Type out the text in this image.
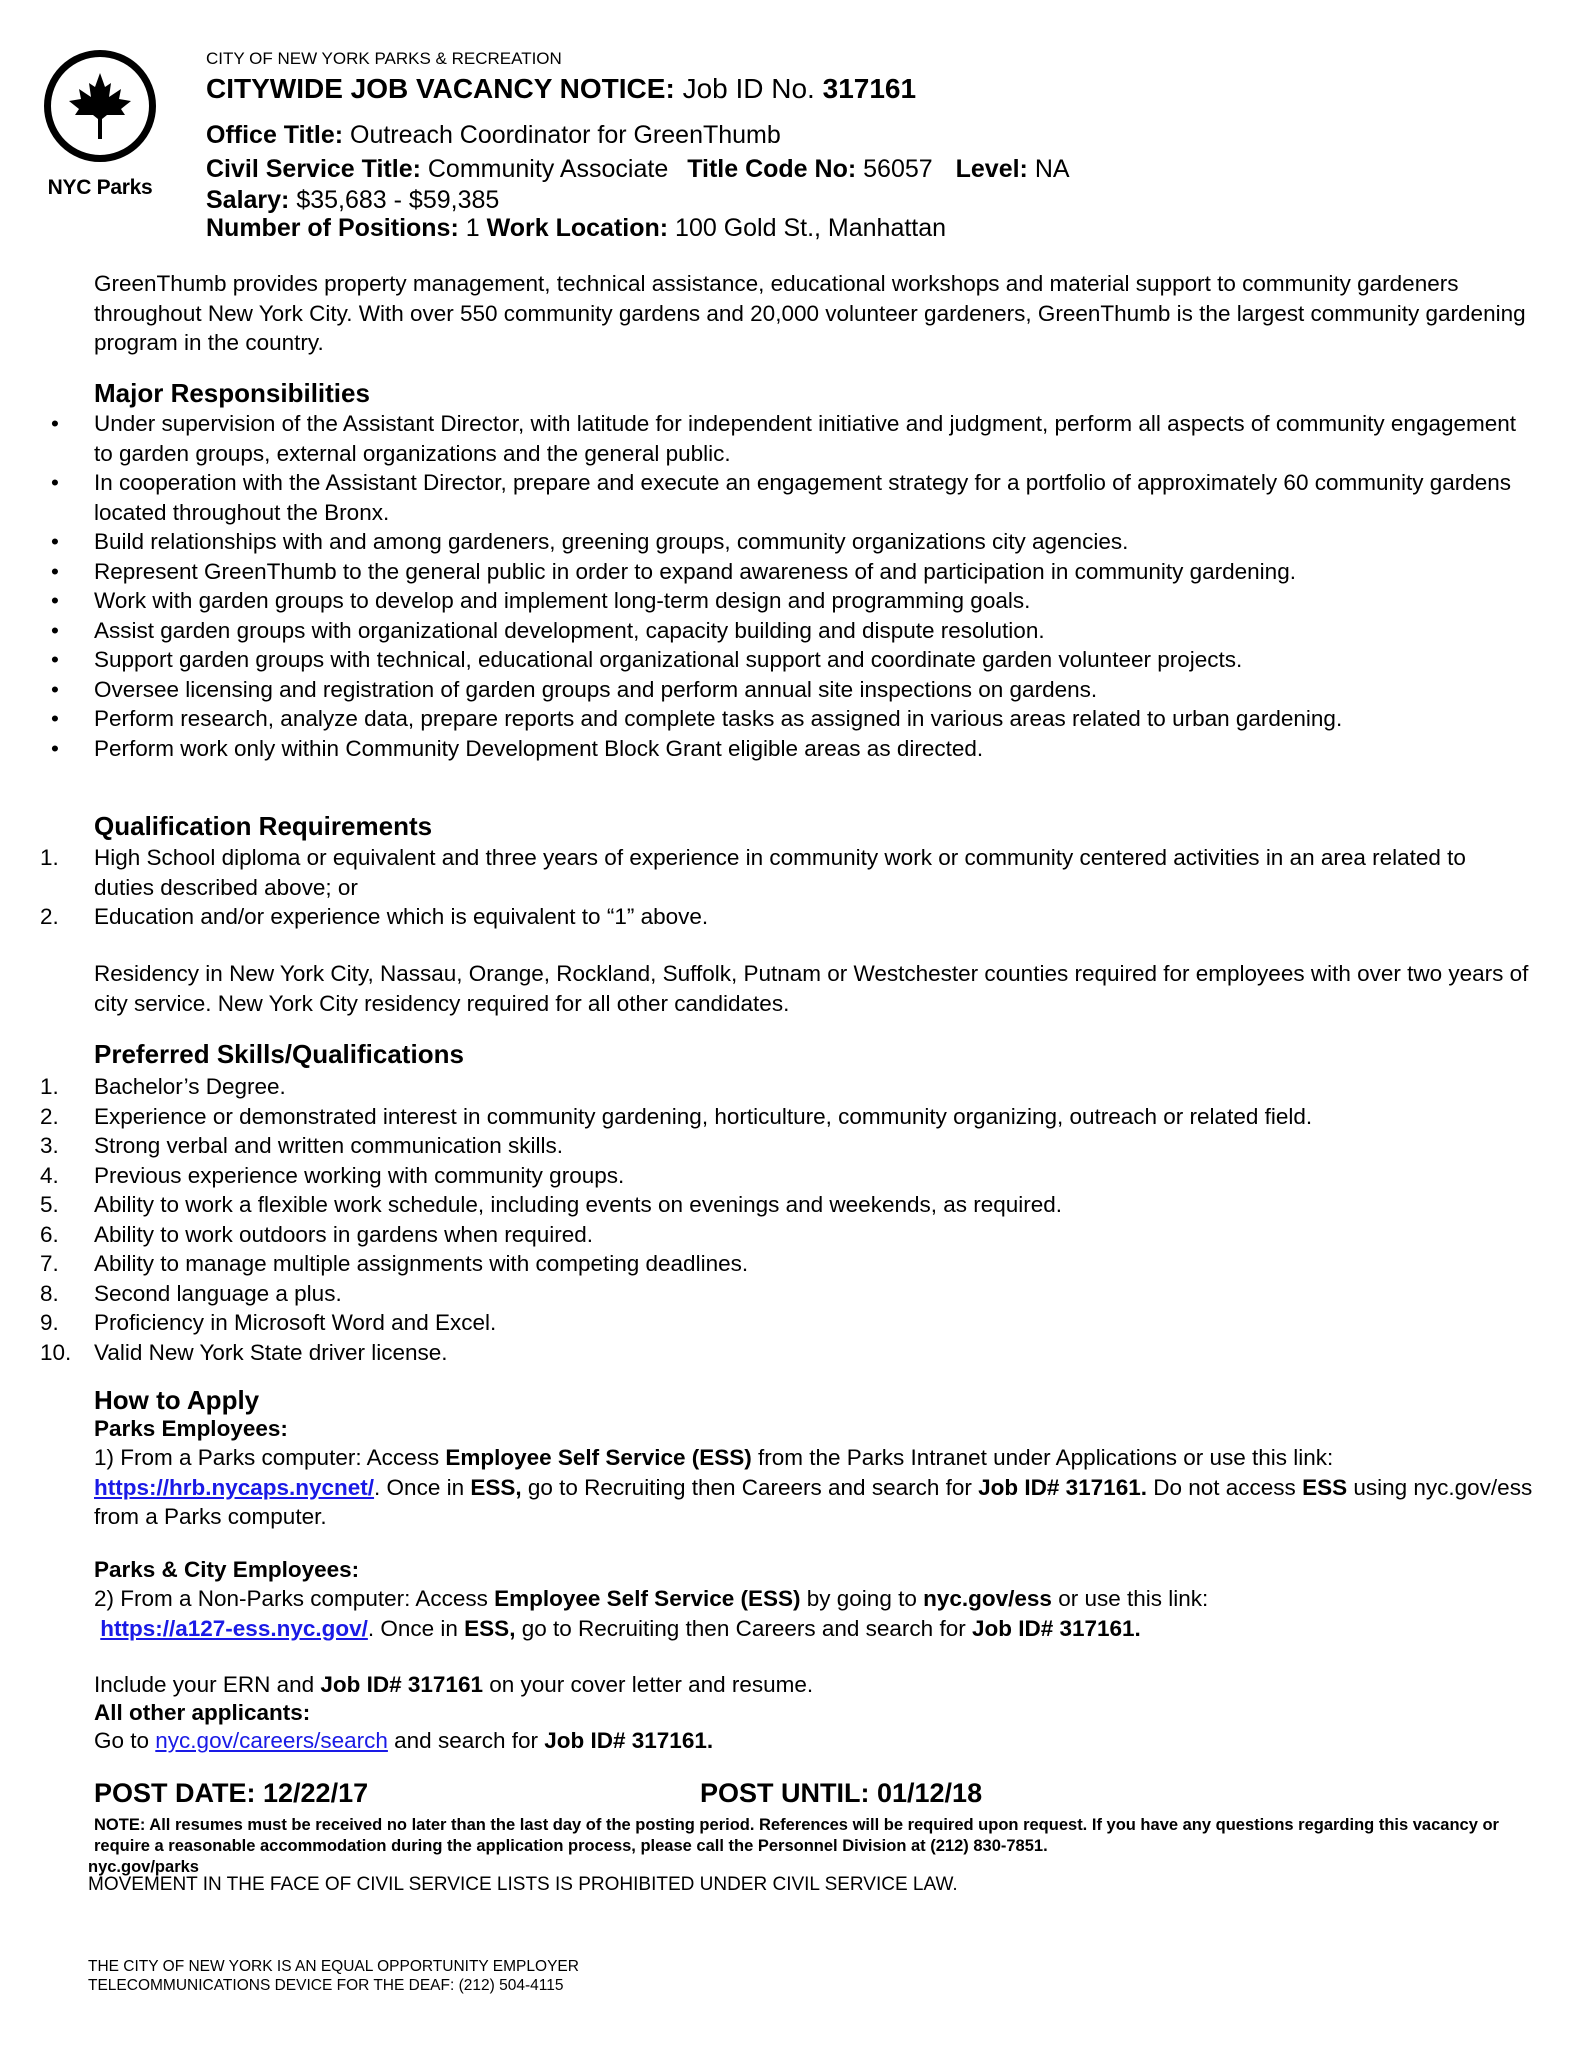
NYC Parks
CITY OF NEW YORK PARKS & RECREATION
CITYWIDE JOB VACANCY NOTICE: Job ID No. 317161
Office Title: Outreach Coordinator for GreenThumb
Civil Service Title: Community Associate Title Code No: 56057 Level: NA
Salary: $35,683 - $59,385
Number of Positions: 1 Work Location: 100 Gold St., Manhattan
GreenThumb provides property management, technical assistance, educational workshops and material support to community gardeners throughout New York City. With over 550 community gardens and 20,000 volunteer gardeners, GreenThumb is the largest community gardening program in the country.
Major Responsibilities
•	Under supervision of the Assistant Director, with latitude for independent initiative and judgment, perform all aspects of community engagement to garden groups, external organizations and the general public.
•	In cooperation with the Assistant Director, prepare and execute an engagement strategy for a portfolio of approximately 60 community gardens located throughout the Bronx.
•	Build relationships with and among gardeners, greening groups, community organizations city agencies.
•	Represent GreenThumb to the general public in order to expand awareness of and participation in community gardening.
•	Work with garden groups to develop and implement long-term design and programming goals.
•	Assist garden groups with organizational development, capacity building and dispute resolution.
•	Support garden groups with technical, educational organizational support and coordinate garden volunteer projects.
•	Oversee licensing and registration of garden groups and perform annual site inspections on gardens.
•	Perform research, analyze data, prepare reports and complete tasks as assigned in various areas related to urban gardening.
•	Perform work only within Community Development Block Grant eligible areas as directed.
Qualification Requirements
1.	High School diploma or equivalent and three years of experience in community work or community centered activities in an area related to duties described above; or
2.	Education and/or experience which is equivalent to “1” above.
Residency in New York City, Nassau, Orange, Rockland, Suffolk, Putnam or Westchester counties required for employees with over two years of city service. New York City residency required for all other candidates.
Preferred Skills/Qualifications
1.	Bachelor’s Degree.
2.	Experience or demonstrated interest in community gardening, horticulture, community organizing, outreach or related field.
3.	Strong verbal and written communication skills.
4.	Previous experience working with community groups.
5.	Ability to work a flexible work schedule, including events on evenings and weekends, as required.
6.	Ability to work outdoors in gardens when required.
7.	Ability to manage multiple assignments with competing deadlines.
8.	Second language a plus.
9.	Proficiency in Microsoft Word and Excel.
10.	Valid New York State driver license.
How to Apply
Parks Employees:
1) From a Parks computer: Access Employee Self Service (ESS) from the Parks Intranet under Applications or use this link: https://hrb.nycaps.nycnet/. Once in ESS, go to Recruiting then Careers and search for Job ID# 317161. Do not access ESS using nyc.gov/ess from a Parks computer.
Parks & City Employees:
2) From a Non-Parks computer: Access Employee Self Service (ESS) by going to nyc.gov/ess or use this link:
https://a127-ess.nyc.gov/. Once in ESS, go to Recruiting then Careers and search for Job ID# 317161.
Include your ERN and Job ID# 317161 on your cover letter and resume.
All other applicants:
Go to nyc.gov/careers/search and search for Job ID# 317161.
POST DATE: 12/22/17	POST UNTIL: 01/12/18
NOTE: All resumes must be received no later than the last day of the posting period. References will be required upon request. If you have any questions regarding this vacancy or require a reasonable accommodation during the application process, please call the Personnel Division at (212) 830-7851.
nyc.gov/parks
MOVEMENT IN THE FACE OF CIVIL SERVICE LISTS IS PROHIBITED UNDER CIVIL SERVICE LAW.
THE CITY OF NEW YORK IS AN EQUAL OPPORTUNITY EMPLOYER
TELECOMMUNICATIONS DEVICE FOR THE DEAF: (212) 504-4115
